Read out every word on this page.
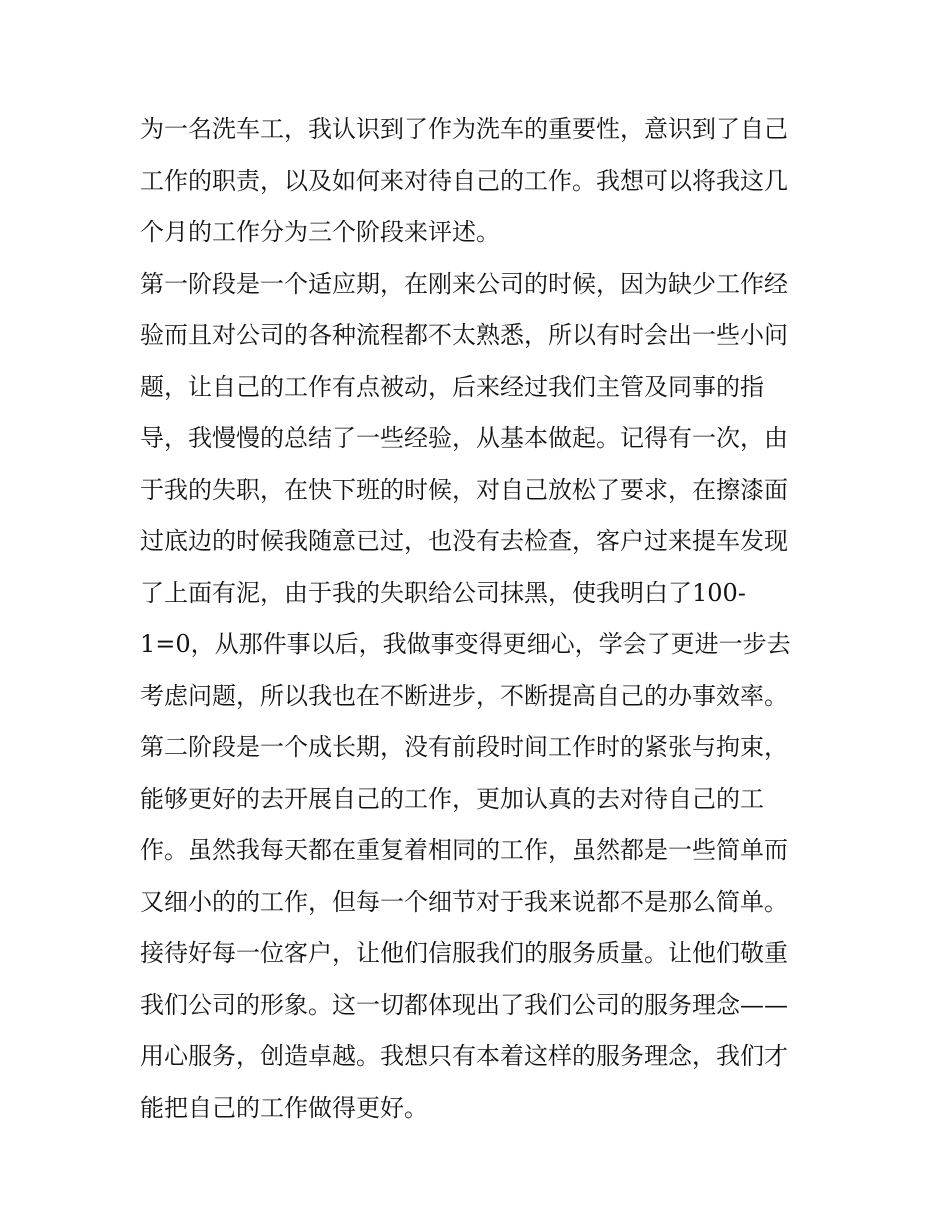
为一名洗车工，我认识到了作为洗车的重要性，意识到了自己
工作的职责，以及如何来对待自己的工作。我想可以将我这几
个月的工作分为三个阶段来评述。
第一阶段是一个适应期，在刚来公司的时候，因为缺少工作经
验而且对公司的各种流程都不太熟悉，所以有时会出一些小问
题，让自己的工作有点被动，后来经过我们主管及同事的指
导，我慢慢的总结了一些经验，从基本做起。记得有一次，由
于我的失职，在快下班的时候，对自己放松了要求，在擦漆面
过底边的时候我随意已过，也没有去检查，客户过来提车发现
了上面有泥，由于我的失职给公司抹黑，使我明白了100-
1=0，从那件事以后，我做事变得更细心，学会了更进一步去
考虑问题，所以我也在不断进步，不断提高自己的办事效率。
第二阶段是一个成长期，没有前段时间工作时的紧张与拘束，
能够更好的去开展自己的工作，更加认真的去对待自己的工
作。虽然我每天都在重复着相同的工作，虽然都是一些简单而
又细小的的工作，但每一个细节对于我来说都不是那么简单。
接待好每一位客户，让他们信服我们的服务质量。让他们敬重
我们公司的形象。这一切都体现出了我们公司的服务理念——
用心服务，创造卓越。我想只有本着这样的服务理念，我们才
能把自己的工作做得更好。
